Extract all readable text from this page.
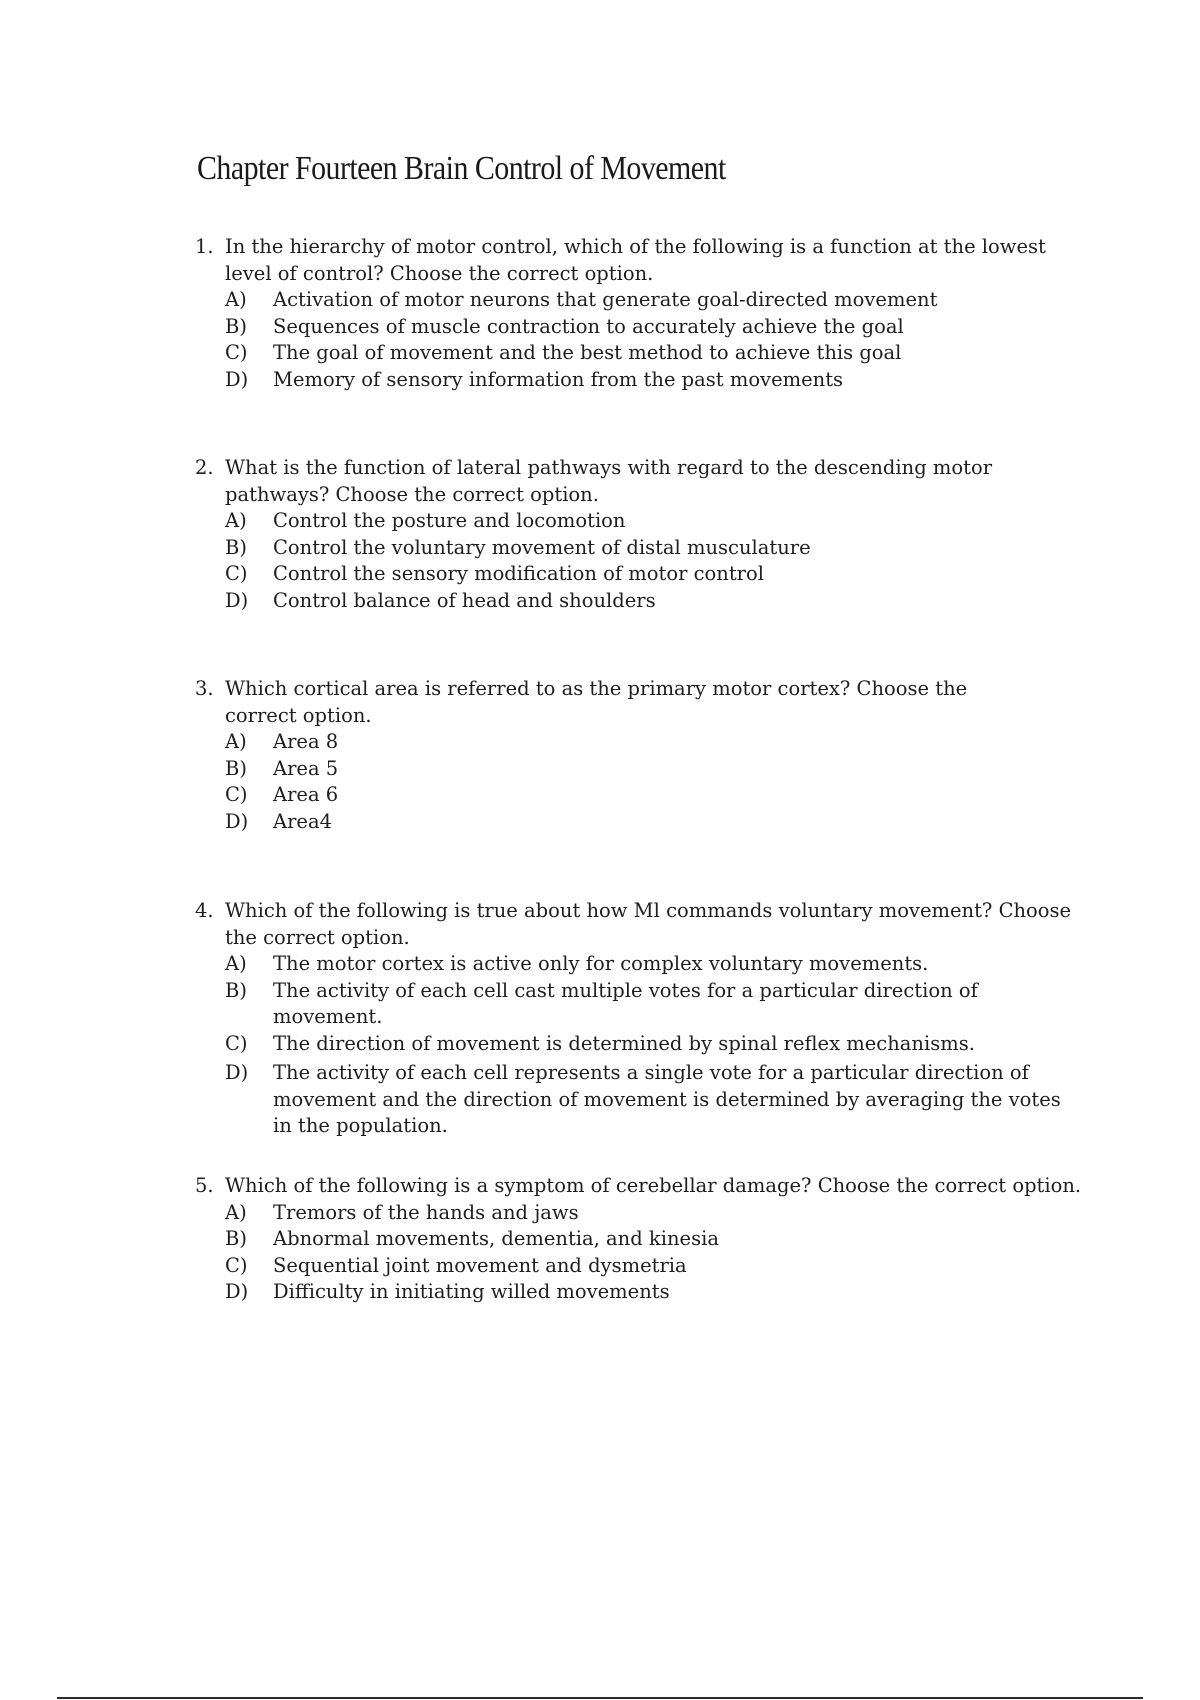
Chapter Fourteen Brain Control of Movement
1. In the hierarchy of motor control, which of the following is a function at the lowest level of control? Choose the correct option.
A) Activation of motor neurons that generate goal-directed movement
B) Sequences of muscle contraction to accurately achieve the goal
C) The goal of movement and the best method to achieve this goal
D) Memory of sensory information from the past movements
2. What is the function of lateral pathways with regard to the descending motor pathways? Choose the correct option.
A) Control the posture and locomotion
B) Control the voluntary movement of distal musculature
C) Control the sensory modification of motor control
D) Control balance of head and shoulders
3. Which cortical area is referred to as the primary motor cortex? Choose the correct option.
A) Area 8
B) Area 5
C) Area 6
D) Area4
4. Which of the following is true about how Ml commands voluntary movement? Choose the correct option.
A) The motor cortex is active only for complex voluntary movements.
B) The activity of each cell cast multiple votes for a particular direction of movement.
C) The direction of movement is determined by spinal reflex mechanisms.
D) The activity of each cell represents a single vote for a particular direction of movement and the direction of movement is determined by averaging the votes in the population.
5. Which of the following is a symptom of cerebellar damage? Choose the correct option.
A) Tremors of the hands and jaws
B) Abnormal movements, dementia, and kinesia
C) Sequential joint movement and dysmetria
D) Difficulty in initiating willed movements
